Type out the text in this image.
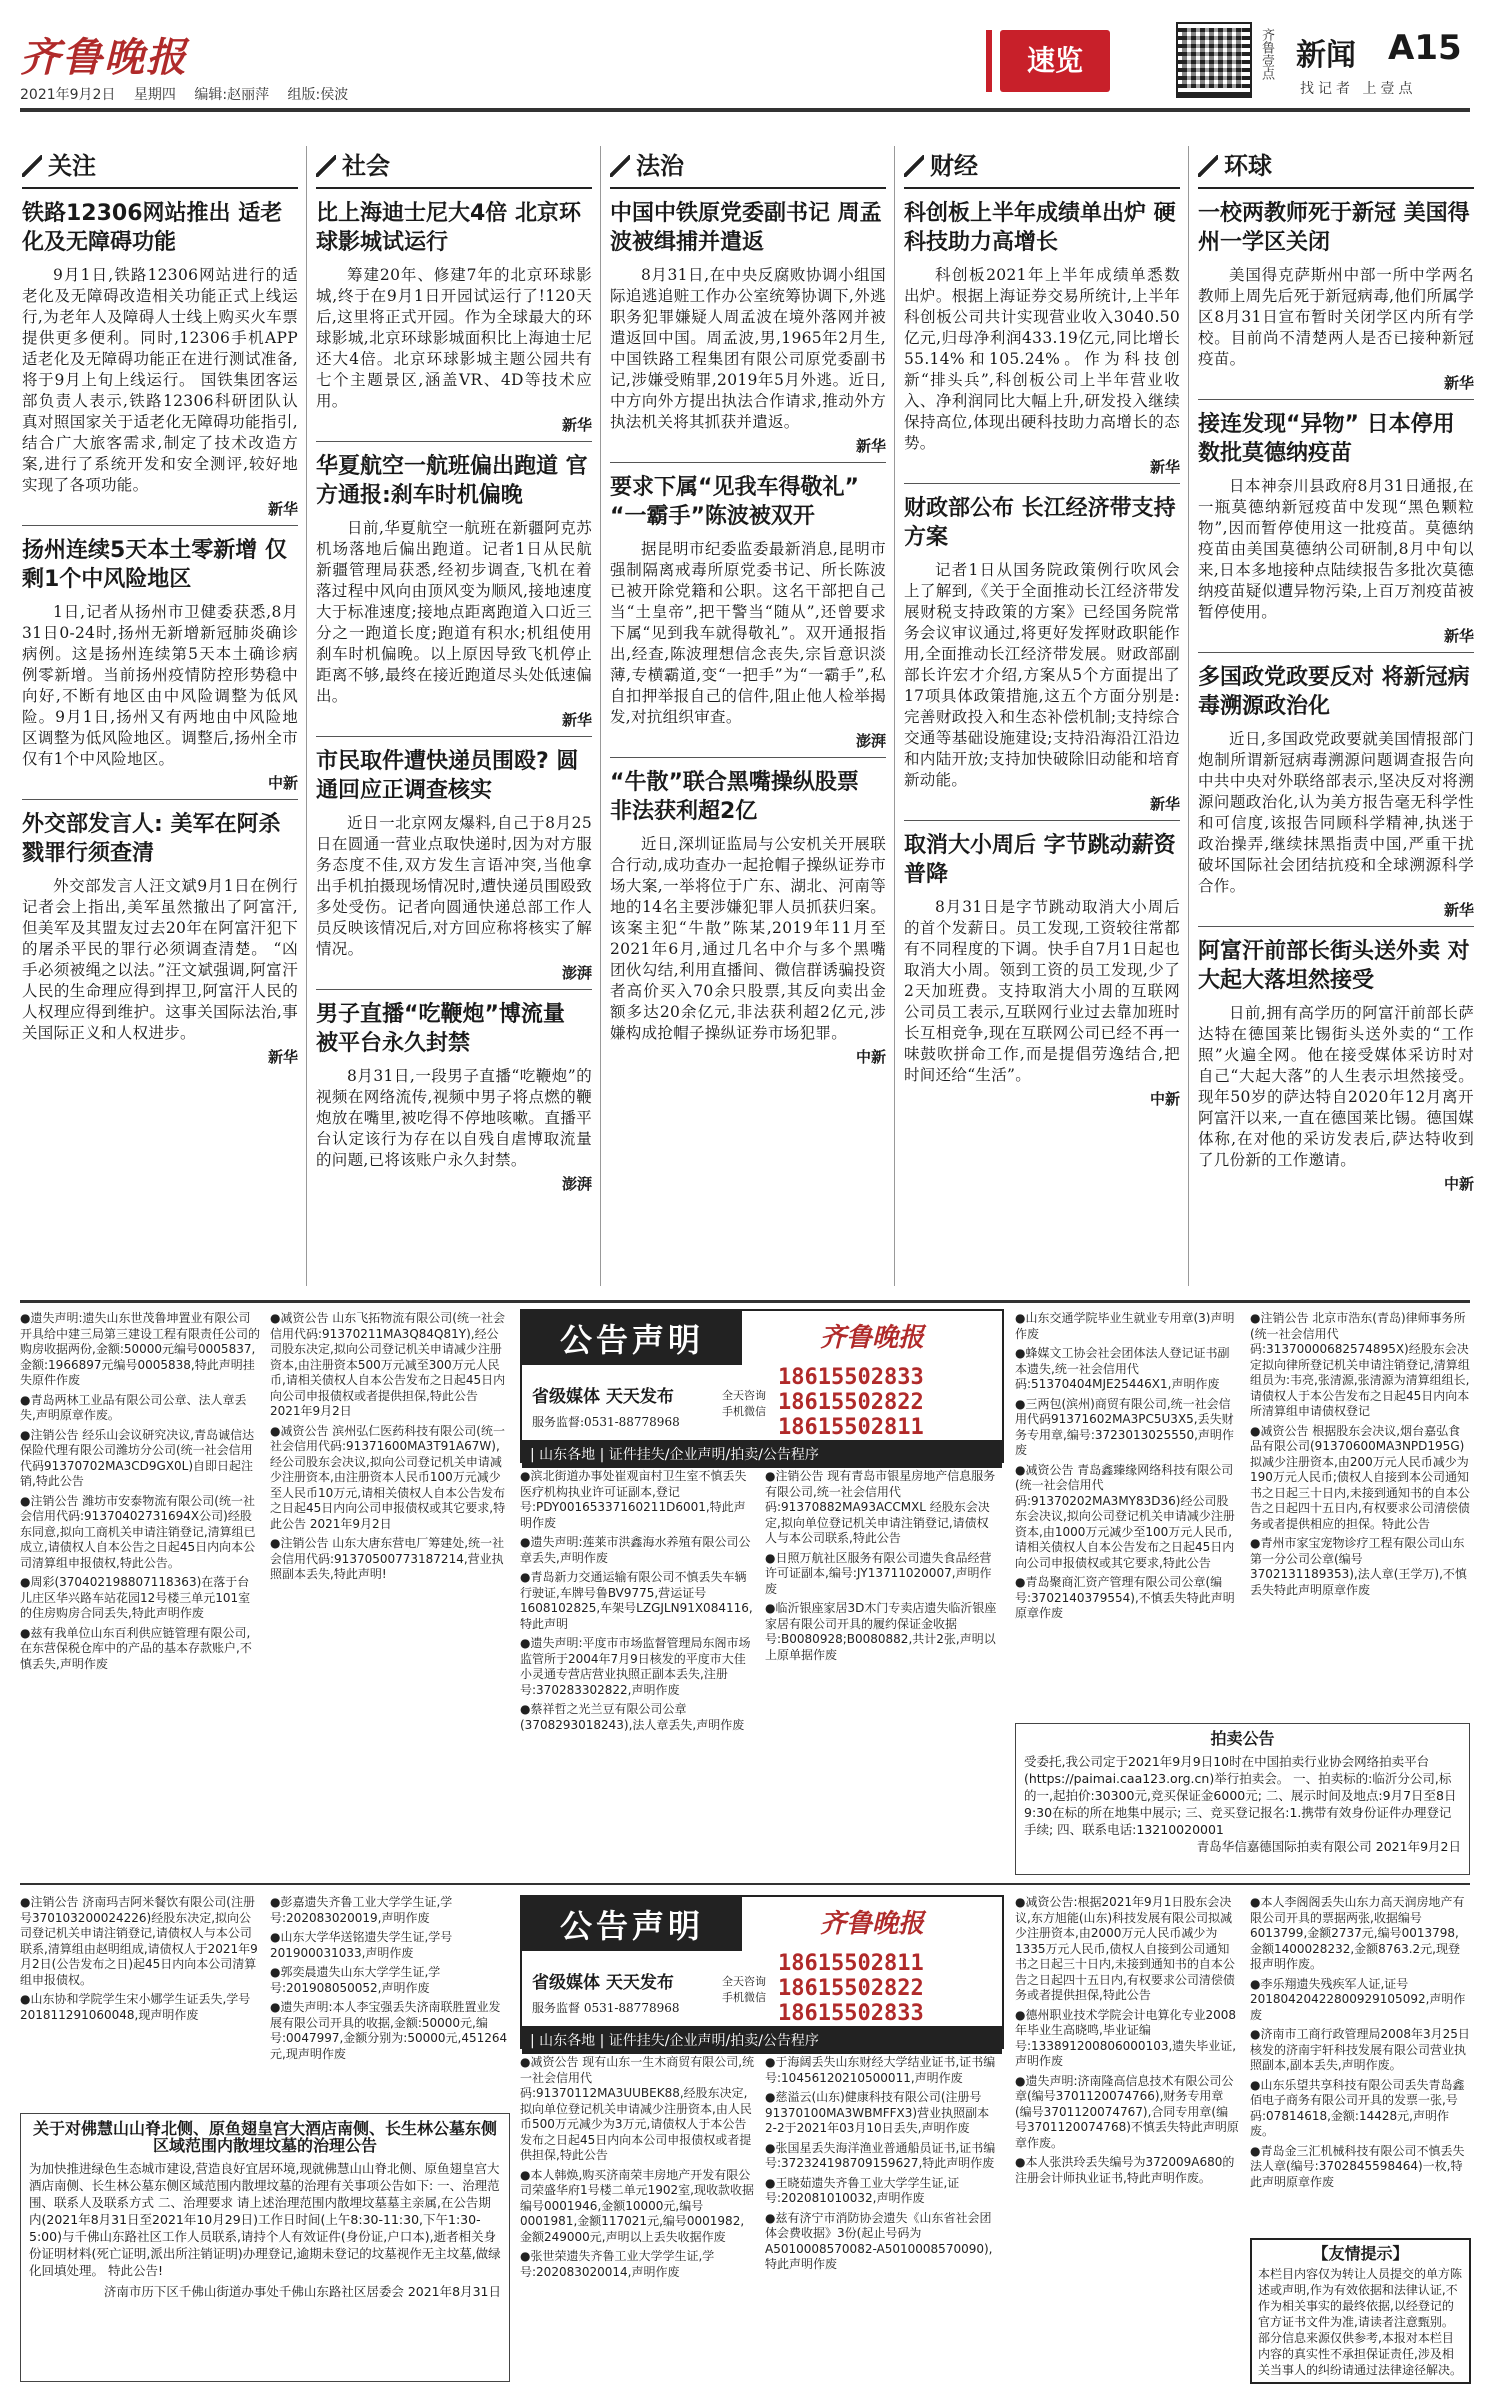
齐鲁晚报
2021年9月2日 星期四 编辑:赵丽萍 组版:侯波
速览	齐鲁壹点 新闻 A15
找记者 上壹点
关注
铁路12306网站推出 适老化及无障碍功能

9月1日,铁路12306网站进行的适老化及无障碍改造相关功能正式上线运行,为老年人及障碍人士线上购买火车票提供更多便利。同时,12306手机APP适老化及无障碍功能正在进行测试准备,将于9月上旬上线运行。 国铁集团客运部负责人表示,铁路12306科研团队认真对照国家关于适老化无障碍功能指引,结合广大旅客需求,制定了技术改造方案,进行了系统开发和安全测评,较好地实现了各项功能。

新华
扬州连续5天本土零新增 仅剩1个中风险地区

1日,记者从扬州市卫健委获悉,8月31日0-24时,扬州无新增新冠肺炎确诊病例。这是扬州连续第5天本土确诊病例零新增。当前扬州疫情防控形势稳中向好,不断有地区由中风险调整为低风险。9月1日,扬州又有两地由中风险地区调整为低风险地区。调整后,扬州全市仅有1个中风险地区。

中新
外交部发言人: 美军在阿杀戮罪行须查清

外交部发言人汪文斌9月1日在例行记者会上指出,美军虽然撤出了阿富汗,但美军及其盟友过去20年在阿富汗犯下的屠杀平民的罪行必须调查清楚。 “凶手必须被绳之以法。”汪文斌强调,阿富汗人民的生命理应得到捍卫,阿富汗人民的人权理应得到维护。这事关国际法治,事关国际正义和人权进步。

新华
社会
比上海迪士尼大4倍 北京环球影城试运行

筹建20年、修建7年的北京环球影城,终于在9月1日开园试运行了!120天后,这里将正式开园。作为全球最大的环球影城,北京环球影城面积比上海迪士尼还大4倍。北京环球影城主题公园共有七个主题景区,涵盖VR、4D等技术应用。

新华
华夏航空一航班偏出跑道 官方通报:刹车时机偏晚

日前,华夏航空一航班在新疆阿克苏机场落地后偏出跑道。记者1日从民航新疆管理局获悉,经初步调查,飞机在着落过程中风向由顶风变为顺风,接地速度大于标准速度;接地点距离跑道入口近三分之一跑道长度;跑道有积水;机组使用刹车时机偏晚。以上原因导致飞机停止距离不够,最终在接近跑道尽头处低速偏出。

新华
市民取件遭快递员围殴? 圆通回应正调查核实

近日一北京网友爆料,自己于8月25日在圆通一营业点取快递时,因为对方服务态度不佳,双方发生言语冲突,当他拿出手机拍摄现场情况时,遭快递员围殴致多处受伤。记者向圆通快递总部工作人员反映该情况后,对方回应称将核实了解情况。

澎湃
男子直播“吃鞭炮”博流量 被平台永久封禁

8月31日,一段男子直播“吃鞭炮”的视频在网络流传,视频中男子将点燃的鞭炮放在嘴里,被吃得不停地咳嗽。直播平台认定该行为存在以自残自虐博取流量的问题,已将该账户永久封禁。

澎湃
法治
中国中铁原党委副书记 周孟波被缉捕并遣返

8月31日,在中央反腐败协调小组国际追逃追赃工作办公室统筹协调下,外逃职务犯罪嫌疑人周孟波在境外落网并被遣返回中国。周孟波,男,1965年2月生,中国铁路工程集团有限公司原党委副书记,涉嫌受贿罪,2019年5月外逃。近日,中方向外方提出执法合作请求,推动外方执法机关将其抓获并遣返。

新华
要求下属“见我车得敬礼” “一霸手”陈波被双开

据昆明市纪委监委最新消息,昆明市强制隔离戒毒所原党委书记、所长陈波已被开除党籍和公职。这名干部把自己当“土皇帝”,把干警当“随从”,还曾要求下属“见到我车就得敬礼”。双开通报指出,经查,陈波理想信念丧失,宗旨意识淡薄,专横霸道,变“一把手”为“一霸手”,私自扣押举报自己的信件,阻止他人检举揭发,对抗组织审查。

澎湃
“牛散”联合黑嘴操纵股票 非法获利超2亿

近日,深圳证监局与公安机关开展联合行动,成功查办一起抢帽子操纵证券市场大案,一举将位于广东、湖北、河南等地的14名主要涉嫌犯罪人员抓获归案。该案主犯“牛散”陈某,2019年11月至2021年6月,通过几名中介与多个黑嘴团伙勾结,利用直播间、微信群诱骗投资者高价买入70余只股票,其反向卖出金额多达20余亿元,非法获利超2亿元,涉嫌构成抢帽子操纵证券市场犯罪。

中新
财经
科创板上半年成绩单出炉 硬科技助力高增长

科创板2021年上半年成绩单悉数出炉。根据上海证券交易所统计,上半年科创板公司共计实现营业收入3040.50亿元,归母净利润433.19亿元,同比增长55.14%和105.24%。作为科技创新“排头兵”,科创板公司上半年营业收入、净利润同比大幅上升,研发投入继续保持高位,体现出硬科技助力高增长的态势。

新华
财政部公布 长江经济带支持方案

记者1日从国务院政策例行吹风会上了解到,《关于全面推动长江经济带发展财税支持政策的方案》已经国务院常务会议审议通过,将更好发挥财政职能作用,全面推动长江经济带发展。财政部副部长许宏才介绍,方案从5个方面提出了17项具体政策措施,这五个方面分别是:完善财政投入和生态补偿机制;支持综合交通等基础设施建设;支持沿海沿江沿边和内陆开放;支持加快破除旧动能和培育新动能。

新华
取消大小周后 字节跳动薪资普降

8月31日是字节跳动取消大小周后的首个发薪日。员工发现,工资较往常都有不同程度的下调。快手自7月1日起也取消大小周。领到工资的员工发现,少了2天加班费。支持取消大小周的互联网公司员工表示,互联网行业过去靠加班时长互相竞争,现在互联网公司已经不再一味鼓吹拼命工作,而是提倡劳逸结合,把时间还给“生活”。

中新
环球
一校两教师死于新冠 美国得州一学区关闭

美国得克萨斯州中部一所中学两名教师上周先后死于新冠病毒,他们所属学区8月31日宣布暂时关闭学区内所有学校。目前尚不清楚两人是否已接种新冠疫苗。

新华
接连发现“异物” 日本停用数批莫德纳疫苗

日本神奈川县政府8月31日通报,在一瓶莫德纳新冠疫苗中发现“黑色颗粒物”,因而暂停使用这一批疫苗。莫德纳疫苗由美国莫德纳公司研制,8月中旬以来,日本多地接种点陆续报告多批次莫德纳疫苗疑似遭异物污染,上百万剂疫苗被暂停使用。

新华
多国政党政要反对 将新冠病毒溯源政治化

近日,多国政党政要就美国情报部门炮制所谓新冠病毒溯源问题调查报告向中共中央对外联络部表示,坚决反对将溯源问题政治化,认为美方报告毫无科学性和可信度,该报告同顾科学精神,执迷于政治操弄,继续抹黑指责中国,严重干扰破坏国际社会团结抗疫和全球溯源科学合作。

新华
阿富汗前部长街头送外卖 对大起大落坦然接受

日前,拥有高学历的阿富汗前部长萨达特在德国莱比锡街头送外卖的“工作照”火遍全网。他在接受媒体采访时对自己“大起大落”的人生表示坦然接受。现年50岁的萨达特自2020年12月离开阿富汗以来,一直在德国莱比锡。德国媒体称,在对他的采访发表后,萨达特收到了几份新的工作邀请。

中新

●遗失声明:遗失山东世茂鲁坤置业有限公司开具给中建三局第三建设工程有限责任公司的购房收据两份,金额:50000元编号0005837,金额:1966897元编号0005838,特此声明挂失原件作废

●青岛两林工业品有限公司公章、法人章丢失,声明原章作废。

●注销公告 经乐山会议研究决议,青岛诚信达保险代理有限公司潍坊分公司(统一社会信用代码91370702MA3CD9GX0L)自即日起注销,特此公告

●注销公告 潍坊市安泰物流有限公司(统一社会信用代码:91370402731694X公司)经股东同意,拟向工商机关申请注销登记,清算组已成立,请债权人自本公告之日起45日内向本公司清算组申报债权,特此公告。

●周彩(370402198807118363)在落于台儿庄区华兴路车站花园12号楼三单元101室的住房购房合同丢失,特此声明作废

●兹有我单位山东百利供应链管理有限公司,在东营保税仓库中的产品的基本存款账户,不慎丢失,声明作废

●减资公告 山东飞拓物流有限公司(统一社会信用代码:91370211MA3Q84Q81Y),经公司股东决定,拟向公司登记机关申请减少注册资本,由注册资本500万元减至300万元人民币,请相关债权人自本公告发布之日起45日内向公司申报债权或者提供担保,特此公告 2021年9月2日

●减资公告 滨州弘仁医药科技有限公司(统一社会信用代码:91371600MA3T91A67W),经公司股东会决议,拟向公司登记机关申请减少注册资本,由注册资本人民币100万元减少至人民币10万元,请相关债权人自本公告发布之日起45日内向公司申报债权或其它要求,特此公告 2021年9月2日

●注销公告 山东大唐东营电厂筹建处,统一社会信用代码:91370500773187214,营业执照副本丢失,特此声明!

公告声明	齐鲁晚报
省级媒体 天天发布
服务监督:0531-88778968
全天咨询 手机微信
18615502833
18615502822
18615502811
| 山东各地 | 证件挂失/企业声明/拍卖/公告程序

●滨北街道办事处崔观亩村卫生室不慎丢失医疗机构执业许可证副本,登记号:PDY00165337160211D6001,特此声明作废

●遗失声明:莲莱市洪鑫海水养殖有限公司公章丢失,声明作废

●青岛新力交通运输有限公司不慎丢失车辆行驶证,车牌号鲁BV9775,营运证号1608102825,车架号LZGJLN91X084116,特此声明

●遗失声明:平度市市场监督管理局东阁市场监管所于2004年7月9日核发的平度市大佳小灵通专营店营业执照正副本丢失,注册号:370283302822,声明作废

●蔡祥哲之光兰豆有限公司公章(3708293018243),法人章丢失,声明作废

●注销公告 现有青岛市银星房地产信息服务有限公司,统一社会信用代码:91370882MA93ACCMXL 经股东会决定,拟向单位登记机关申请注销登记,请债权人与本公司联系,特此公告

●日照万航社区服务有限公司遗失食品经营许可证副本,编号:JY13711020007,声明作废

●临沂银座家居3D木门专卖店遗失临沂银座家居有限公司开具的履约保证金收据号:B0080928;B0080882,共计2张,声明以上原单据作废

●山东交通学院毕业生就业专用章(3)声明作废

●蜂媒文工协会社会团体法人登记证书副本遗失,统一社会信用代码:51370404MJE25446X1,声明作废

●三两包(滨州)商贸有限公司,统一社会信用代码91371602MA3PC5U3X5,丢失财务专用章,编号:3723013025550,声明作废

●减资公告 青岛鑫臻缘网络科技有限公司(统一社会信用代码:91370202MA3MY83D36)经公司股东会决议,拟向公司登记机关申请减少注册资本,由1000万元减少至100万元人民币,请相关债权人自本公告发布之日起45日内向公司申报债权或其它要求,特此公告

●青岛聚商汇资产管理有限公司公章(编号:3702140379554),不慎丢失特此声明原章作废

●注销公告 北京市浩东(青岛)律师事务所(统一社会信用代码:31370000682574895X)经股东会决定拟向律所登记机关申请注销登记,清算组组员为:韦亮,张清源,张清源为清算组组长,请债权人于本公告发布之日起45日内向本所清算组申请债权登记

●减资公告 根据股东会决议,烟台嘉弘食品有限公司(91370600MA3NPD195G)拟减少注册资本,由200万元人民币减少为190万元人民币;债权人自接到本公司通知书之日起三十日内,未接到通知书的自本公告之日起四十五日内,有权要求公司清偿债务或者提供相应的担保。特此公告

●青州市家宝宠物诊疗工程有限公司山东第一分公司公章(编号3702131189353),法人章(王学万),不慎丢失特此声明原章作废

拍卖公告
受委托,我公司定于2021年9月9日10时在中国拍卖行业协会网络拍卖平台(https://paimai.caa123.org.cn)举行拍卖会。 一、拍卖标的:临沂分公司,标的一,起拍价:30300元,竞买保证金6000元; 二、展示时间及地点:9月7日至8日9:30在标的所在地集中展示; 三、竞买登记报名:1.携带有效身份证件办理登记手续; 四、联系电话:13210020001
青岛华信嘉德国际拍卖有限公司 2021年9月2日
公告声明	齐鲁晚报
省级媒体 天天发布
服务监督 0531-88778968
全天咨询 手机微信
18615502811
18615502822
18615502833
| 山东各地 | 证件挂失/企业声明/拍卖/公告程序

●注销公告 济南玛吉阿米餐饮有限公司(注册号370103200024226)经股东决定,拟向公司登记机关申请注销登记,请债权人与本公司联系,清算组由赵明组成,请债权人于2021年9月2日(公告发布之日)起45日内向本公司清算组申报债权。

●山东协和学院学生宋小娜学生证丢失,学号201811291060048,现声明作废

●彭嘉遗失齐鲁工业大学学生证,学号:202083020019,声明作废

●山东大学华送铭遗失学生证,学号201900031033,声明作废

●郭奕晨遗失山东大学学生证,学号:201908050052,声明作废

●遗失声明:本人李宝强丢失济南联胜置业发展有限公司开具的收据,金额:50000元,编号:0047997,金额分别为:50000元,451264元,现声明作废

关于对佛慧山山脊北侧、原鱼翅皇宫大酒店南侧、长生林公墓东侧区域范围内散埋坟墓的治理公告
为加快推进绿色生态城市建设,营造良好宜居环境,现就佛慧山山脊北侧、原鱼翅皇宫大酒店南侧、长生林公墓东侧区域范围内散埋坟墓的治理有关事项公告如下: 一、治理范围、联系人及联系方式 二、治理要求 请上述治理范围内散埋坟墓墓主亲属,在公告期内(2021年8月31日至2021年10月29日)工作日时间(上午8:30-11:30,下午1:30-5:00)与千佛山东路社区工作人员联系,请持个人有效证件(身份证,户口本),逝者相关身份证明材料(死亡证明,派出所注销证明)办理登记,逾期未登记的坟墓视作无主坟墓,做绿化回填处理。 特此公告!
济南市历下区千佛山街道办事处千佛山东路社区居委会 2021年8月31日

●减资公告 现有山东一生木商贸有限公司,统一社会信用代码:91370112MA3UUBEK88,经股东决定,拟向单位登记机关申请减少注册资本,由人民币500万元减少为3万元,请债权人于本公告发布之日起45日内向本公司申报债权或者提供担保,特此公告

●本人韩焕,购买济南荣丰房地产开发有限公司荣盛华府1号楼二单元1902室,现收款收据编号0001946,金额10000元,编号0001981,金额117021元,编号0001982,金额249000元,声明以上丢失收据作废

●张世荣遗失齐鲁工业大学学生证,学号:202083020014,声明作废

●于海阔丢失山东财经大学结业证书,证书编号:10456120210500011,声明作废

●慈溢云(山东)健康科技有限公司(注册号91370100MA3WBMFFX3)营业执照副本2-2于2021年03月10日丢失,声明作废

●张国星丢失海洋渔业普通船员证书,证书编号:372324198709159627,特此声明作废

●王晓茹遗失齐鲁工业大学学生证,证号:202081010032,声明作废

●兹有济宁市消防协会遗失《山东省社会团体会费收据》3份(起止号码为A5010008570082-A5010008570090),特此声明作废

●减资公告:根据2021年9月1日股东会决议,东方旭能(山东)科技发展有限公司拟减少注册资本,由2000万元人民币减少为1335万元人民币,债权人自接到公司通知书之日起三十日内,未接到通知书的自本公告之日起四十五日内,有权要求公司清偿债务或者提供担保,特此公告

●德州职业技术学院会计电算化专业2008年毕业生高晓鸣,毕业证编号:133891200806000103,遗失毕业证,声明作废

●遗失声明:济南隆高信息技术有限公司公章(编号3701120074766),财务专用章(编号3701120074767),合同专用章(编号3701120074768)不慎丢失特此声明原章作废。

●本人张洪玲丢失编号为372009A680的注册会计师执业证书,特此声明作废。

●本人李阁阁丢失山东力高天润房地产有限公司开具的票据两张,收据编号6013799,金额2737元,编号0013798,金额1400028232,金额8763.2元,现登报声明作废。

●李乐翔遗失残疾军人证,证号20180420422800929105092,声明作废

●济南市工商行政管理局2008年3月25日核发的济南宇轩科技发展有限公司营业执照副本,副本丢失,声明作废。

●山东乐望共享科技有限公司丢失青岛鑫佰电子商务有限公司开具的发票一张,号码:07814618,金额:14428元,声明作废。

●青岛金三汇机械科技有限公司不慎丢失法人章(编号:3702845598464)一枚,特此声明原章作废

【友情提示】
本栏目内容仅为转让人员提交的单方陈述或声明,作为有效依据和法律认证,不作为相关事实的最终依据,以经登记的官方证书文件为准,请读者注意甄别。部分信息来源仅供参考,本报对本栏目内容的真实性不承担保证责任,涉及相关当事人的纠纷请通过法律途径解决。
